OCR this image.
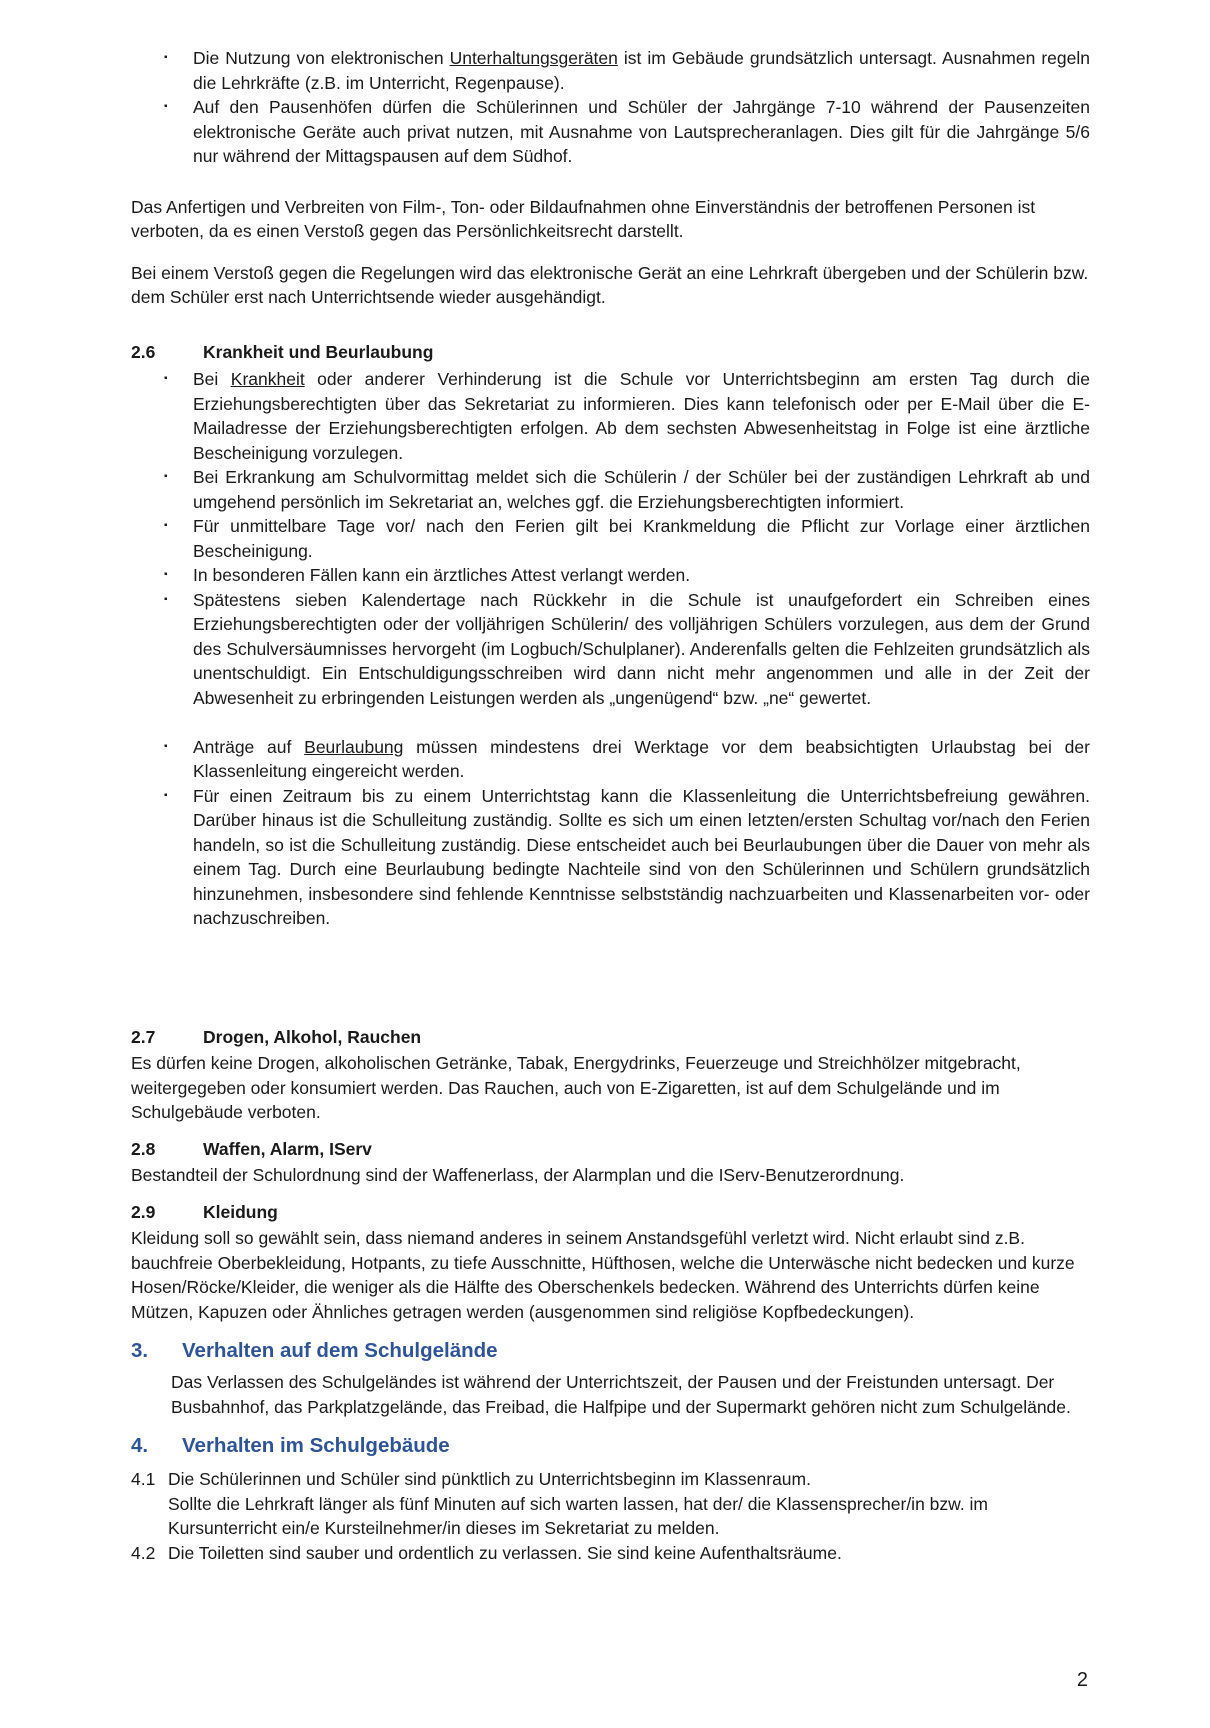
▪	Die Nutzung von elektronischen Unterhaltungsgeräten ist im Gebäude grundsätzlich untersagt. Ausnahmen regeln die Lehrkräfte (z.B. im Unterricht, Regenpause).
▪	Auf den Pausenhöfen dürfen die Schülerinnen und Schüler der Jahrgänge 7-10 während der Pausenzeiten elektronische Geräte auch privat nutzen, mit Ausnahme von Lautsprecheranlagen. Dies gilt für die Jahrgänge 5/6 nur während der Mittagspausen auf dem Südhof.

Das Anfertigen und Verbreiten von Film-, Ton- oder Bildaufnahmen ohne Einverständnis der betroffenen Personen ist verboten, da es einen Verstoß gegen das Persönlichkeitsrecht darstellt.

Bei einem Verstoß gegen die Regelungen wird das elektronische Gerät an eine Lehrkraft übergeben und der Schülerin bzw. dem Schüler erst nach Unterrichtsende wieder ausgehändigt.

2.6	Krankheit und Beurlaubung
▪	Bei Krankheit oder anderer Verhinderung ist die Schule vor Unterrichtsbeginn am ersten Tag durch die Erziehungsberechtigten über das Sekretariat zu informieren. Dies kann telefonisch oder per E-Mail über die E-Mailadresse der Erziehungsberechtigten erfolgen. Ab dem sechsten Abwesenheitstag in Folge ist eine ärztliche Bescheinigung vorzulegen.
▪	Bei Erkrankung am Schulvormittag meldet sich die Schülerin / der Schüler bei der zuständigen Lehrkraft ab und umgehend persönlich im Sekretariat an, welches ggf. die Erziehungsberechtigten informiert.
▪	Für unmittelbare Tage vor/ nach den Ferien gilt bei Krankmeldung die Pflicht zur Vorlage einer ärztlichen Bescheinigung.
▪	In besonderen Fällen kann ein ärztliches Attest verlangt werden.
▪	Spätestens sieben Kalendertage nach Rückkehr in die Schule ist unaufgefordert ein Schreiben eines Erziehungsberechtigten oder der volljährigen Schülerin/ des volljährigen Schülers vorzulegen, aus dem der Grund des Schulversäumnisses hervorgeht (im Logbuch/Schulplaner). Anderenfalls gelten die Fehlzeiten grundsätzlich als unentschuldigt. Ein Entschuldigungsschreiben wird dann nicht mehr angenommen und alle in der Zeit der Abwesenheit zu erbringenden Leistungen werden als „ungenügend“ bzw. „ne“ gewertet.
▪	Anträge auf Beurlaubung müssen mindestens drei Werktage vor dem beabsichtigten Urlaubstag bei der Klassenleitung eingereicht werden.
▪	Für einen Zeitraum bis zu einem Unterrichtstag kann die Klassenleitung die Unterrichtsbefreiung gewähren. Darüber hinaus ist die Schulleitung zuständig. Sollte es sich um einen letzten/ersten Schultag vor/nach den Ferien handeln, so ist die Schulleitung zuständig. Diese entscheidet auch bei Beurlaubungen über die Dauer von mehr als einem Tag. Durch eine Beurlaubung bedingte Nachteile sind von den Schülerinnen und Schülern grundsätzlich hinzunehmen, insbesondere sind fehlende Kenntnisse selbstständig nachzuarbeiten und Klassenarbeiten vor- oder nachzuschreiben.
2.7	Drogen, Alkohol, Rauchen

Es dürfen keine Drogen, alkoholischen Getränke, Tabak, Energydrinks, Feuerzeuge und Streichhölzer mitgebracht, weitergegeben oder konsumiert werden. Das Rauchen, auch von E-Zigaretten, ist auf dem Schulgelände und im Schulgebäude verboten.

2.8	Waffen, Alarm, IServ

Bestandteil der Schulordnung sind der Waffenerlass, der Alarmplan und die IServ-Benutzerordnung.

2.9	Kleidung

Kleidung soll so gewählt sein, dass niemand anderes in seinem Anstandsgefühl verletzt wird. Nicht erlaubt sind z.B. bauchfreie Oberbekleidung, Hotpants, zu tiefe Ausschnitte, Hüfthosen, welche die Unterwäsche nicht bedecken und kurze Hosen/Röcke/Kleider, die weniger als die Hälfte des Oberschenkels bedecken. Während des Unterrichts dürfen keine Mützen, Kapuzen oder Ähnliches getragen werden (ausgenommen sind religiöse Kopfbedeckungen).

3.	Verhalten auf dem Schulgelände

Das Verlassen des Schulgeländes ist während der Unterrichtszeit, der Pausen und der Freistunden untersagt. Der Busbahnhof, das Parkplatzgelände, das Freibad, die Halfpipe und der Supermarkt gehören nicht zum Schulgelände.

4.	Verhalten im Schulgebäude
4.1 Die Schülerinnen und Schüler sind pünktlich zu Unterrichtsbeginn im Klassenraum.
Sollte die Lehrkraft länger als fünf Minuten auf sich warten lassen, hat der/ die Klassensprecher/in bzw. im Kursunterricht ein/e Kursteilnehmer/in dieses im Sekretariat zu melden.
4.2 Die Toiletten sind sauber und ordentlich zu verlassen. Sie sind keine Aufenthaltsräume.
2
